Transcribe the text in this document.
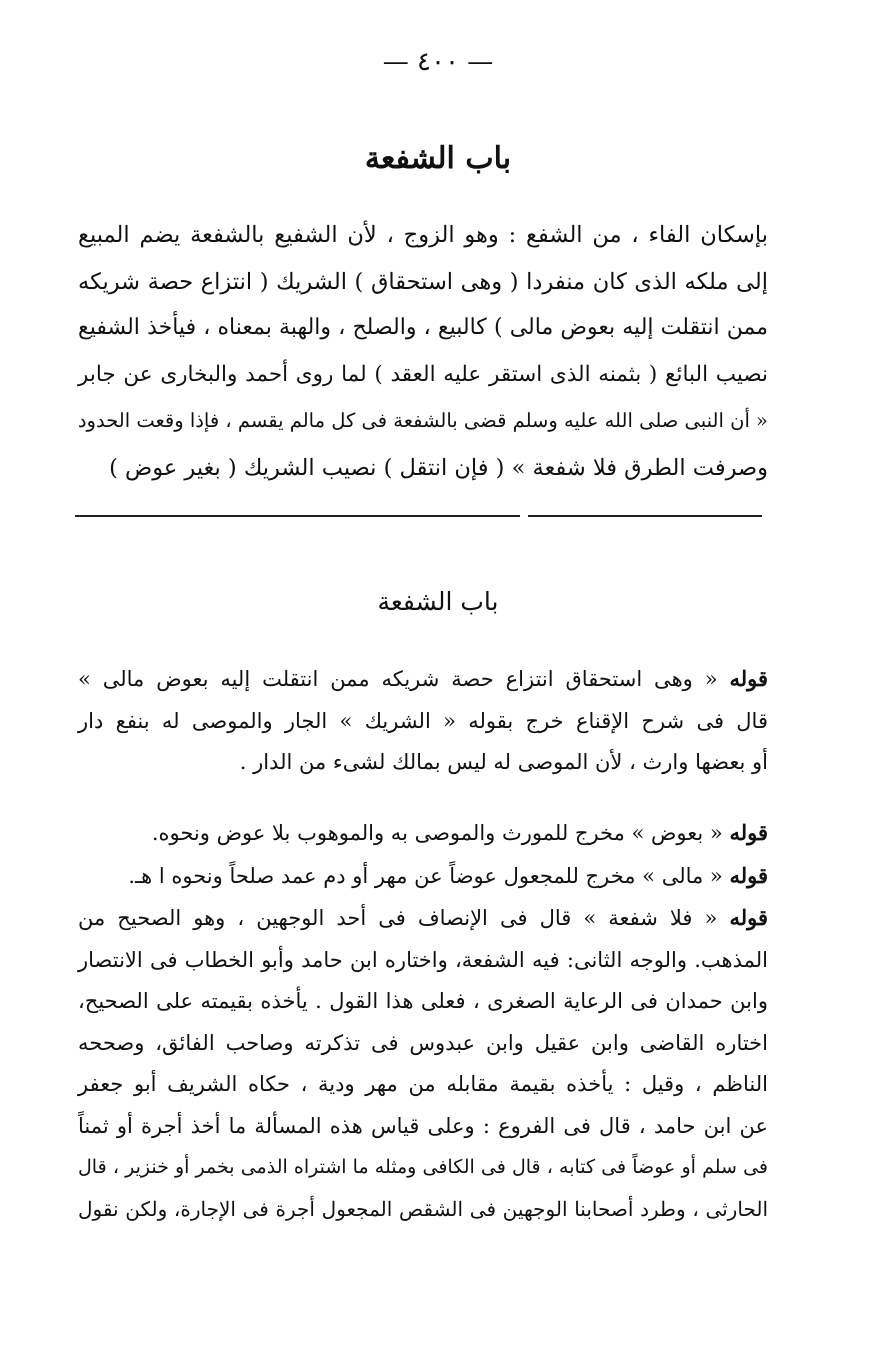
— ٤٠٠ —
باب الشفعة
بإسكان الفاء ، من الشفع : وهو الزوج ، لأن الشفيع بالشفعة يضم المبيع
إلى ملكه الذى كان منفردا ( وهى استحقاق ) الشريك ( انتزاع حصة شريكه
ممن انتقلت إليه بعوض مالى ) كالبيع ، والصلح ، والهبة بمعناه ، فيأخذ الشفيع
نصيب البائع ( بثمنه الذى استقر عليه العقد ) لما روى أحمد والبخارى عن جابر
« أن النبى صلى الله عليه وسلم قضى بالشفعة فى كل مالم يقسم ، فإذا وقعت الحدود
وصرفت الطرق فلا شفعة » ( فإن انتقل ) نصيب الشريك ( بغير عوض )
باب الشفعة
قوله « وهى استحقاق انتزاع حصة شريكه ممن انتقلت إليه بعوض مالى »
قال فى شرح الإقناع خرج بقوله « الشريك » الجار والموصى له بنفع دار
أو بعضها وارث ، لأن الموصى له ليس بمالك لشىء من الدار .
قوله « بعوض » مخرج للمورث والموصى به والموهوب بلا عوض ونحوه.
قوله « مالى » مخرج للمجعول عوضاً عن مهر أو دم عمد صلحاً ونحوه ا هـ.
قوله « فلا شفعة » قال فى الإنصاف فى أحد الوجهين ، وهو الصحيح من
المذهب. والوجه الثانى: فيه الشفعة، واختاره ابن حامد وأبو الخطاب فى الانتصار
وابن حمدان فى الرعاية الصغرى ، فعلى هذا القول . يأخذه بقيمته على الصحيح،
اختاره القاضى وابن عقيل وابن عبدوس فى تذكرته وصاحب الفائق، وصححه
الناظم ، وقيل : يأخذه بقيمة مقابله من مهر ودية ، حكاه الشريف أبو جعفر
عن ابن حامد ، قال فى الفروع : وعلى قياس هذه المسألة ما أخذ أجرة أو ثمناً
فى سلم أو عوضاً فى كتابه ، قال فى الكافى ومثله ما اشتراه الذمى بخمر أو خنزير ، قال
الحارثى ، وطرد أصحابنا الوجهين فى الشقص المجعول أجرة فى الإجارة، ولكن نقول
